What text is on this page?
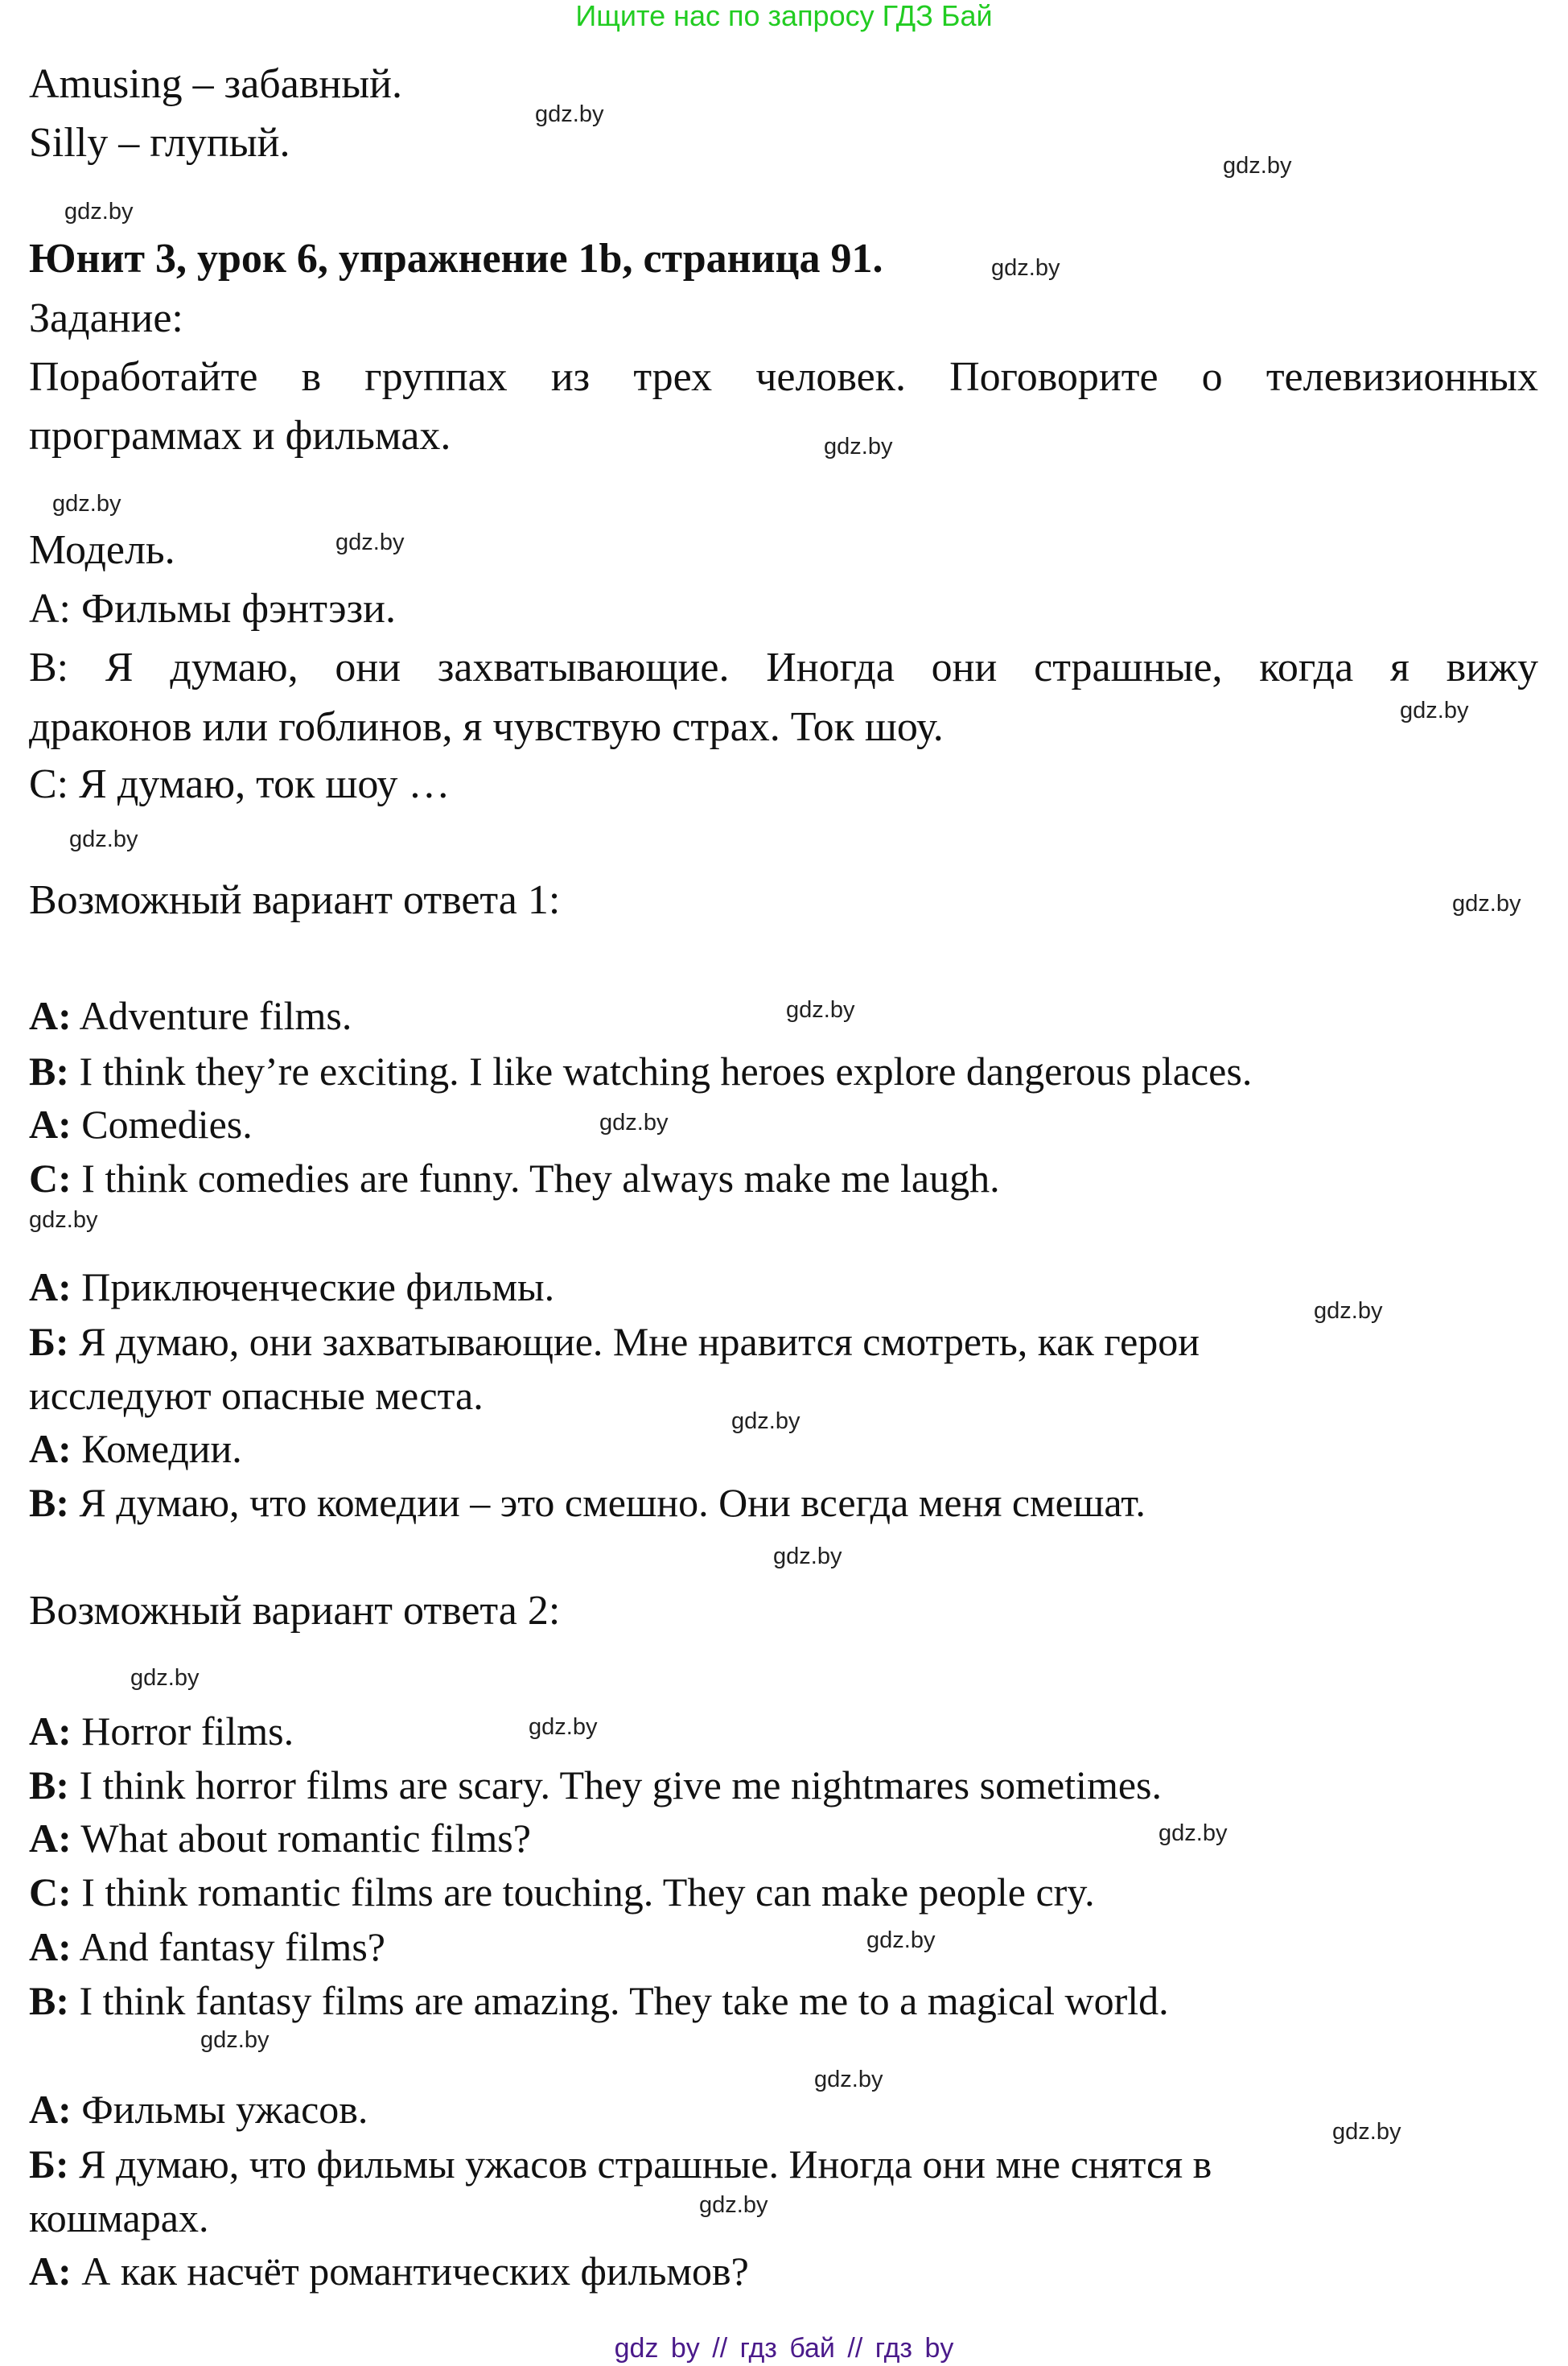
Ищите нас по запросу ГДЗ Бай
Amusing – забавный.
Silly – глупый.
Юнит 3, урок 6, упражнение 1b, страница 91.
Задание:
Поработайте в группах из трех человек. Поговорите о телевизионных
программах и фильмах.
Модель.
A: Фильмы фэнтэзи.
B: Я думаю, они захватывающие. Иногда они страшные, когда я вижу
драконов или гоблинов, я чувствую страх. Ток шоу.
C: Я думаю, ток шоу …
Возможный вариант ответа 1:
A: Adventure films.
B: I think they’re exciting. I like watching heroes explore dangerous places.
A: Comedies.
C: I think comedies are funny. They always make me laugh.
A: Приключенческие фильмы.
Б: Я думаю, они захватывающие. Мне нравится смотреть, как герои
исследуют опасные места.
A: Комедии.
В: Я думаю, что комедии – это смешно. Они всегда меня смешат.
A: Horror films.
B: I think horror films are scary. They give me nightmares sometimes.
A: What about romantic films?
C: I think romantic films are touching. They can make people cry.
A: And fantasy films?
B: I think fantasy films are amazing. They take me to a magical world.
A: Фильмы ужасов.
Б: Я думаю, что фильмы ужасов страшные. Иногда они мне снятся в
кошмарах.
A: А как насчёт романтических фильмов?
Возможный вариант ответа 2:
gdz by // гдз бай // гдз by
gdz.by
gdz.by
gdz.by
gdz.by
gdz.by
gdz.by
gdz.by
gdz.by
gdz.by
gdz.by
gdz.by
gdz.by
gdz.by
gdz.by
gdz.by
gdz.by
gdz.by
gdz.by
gdz.by
gdz.by
gdz.by
gdz.by
gdz.by
gdz.by
